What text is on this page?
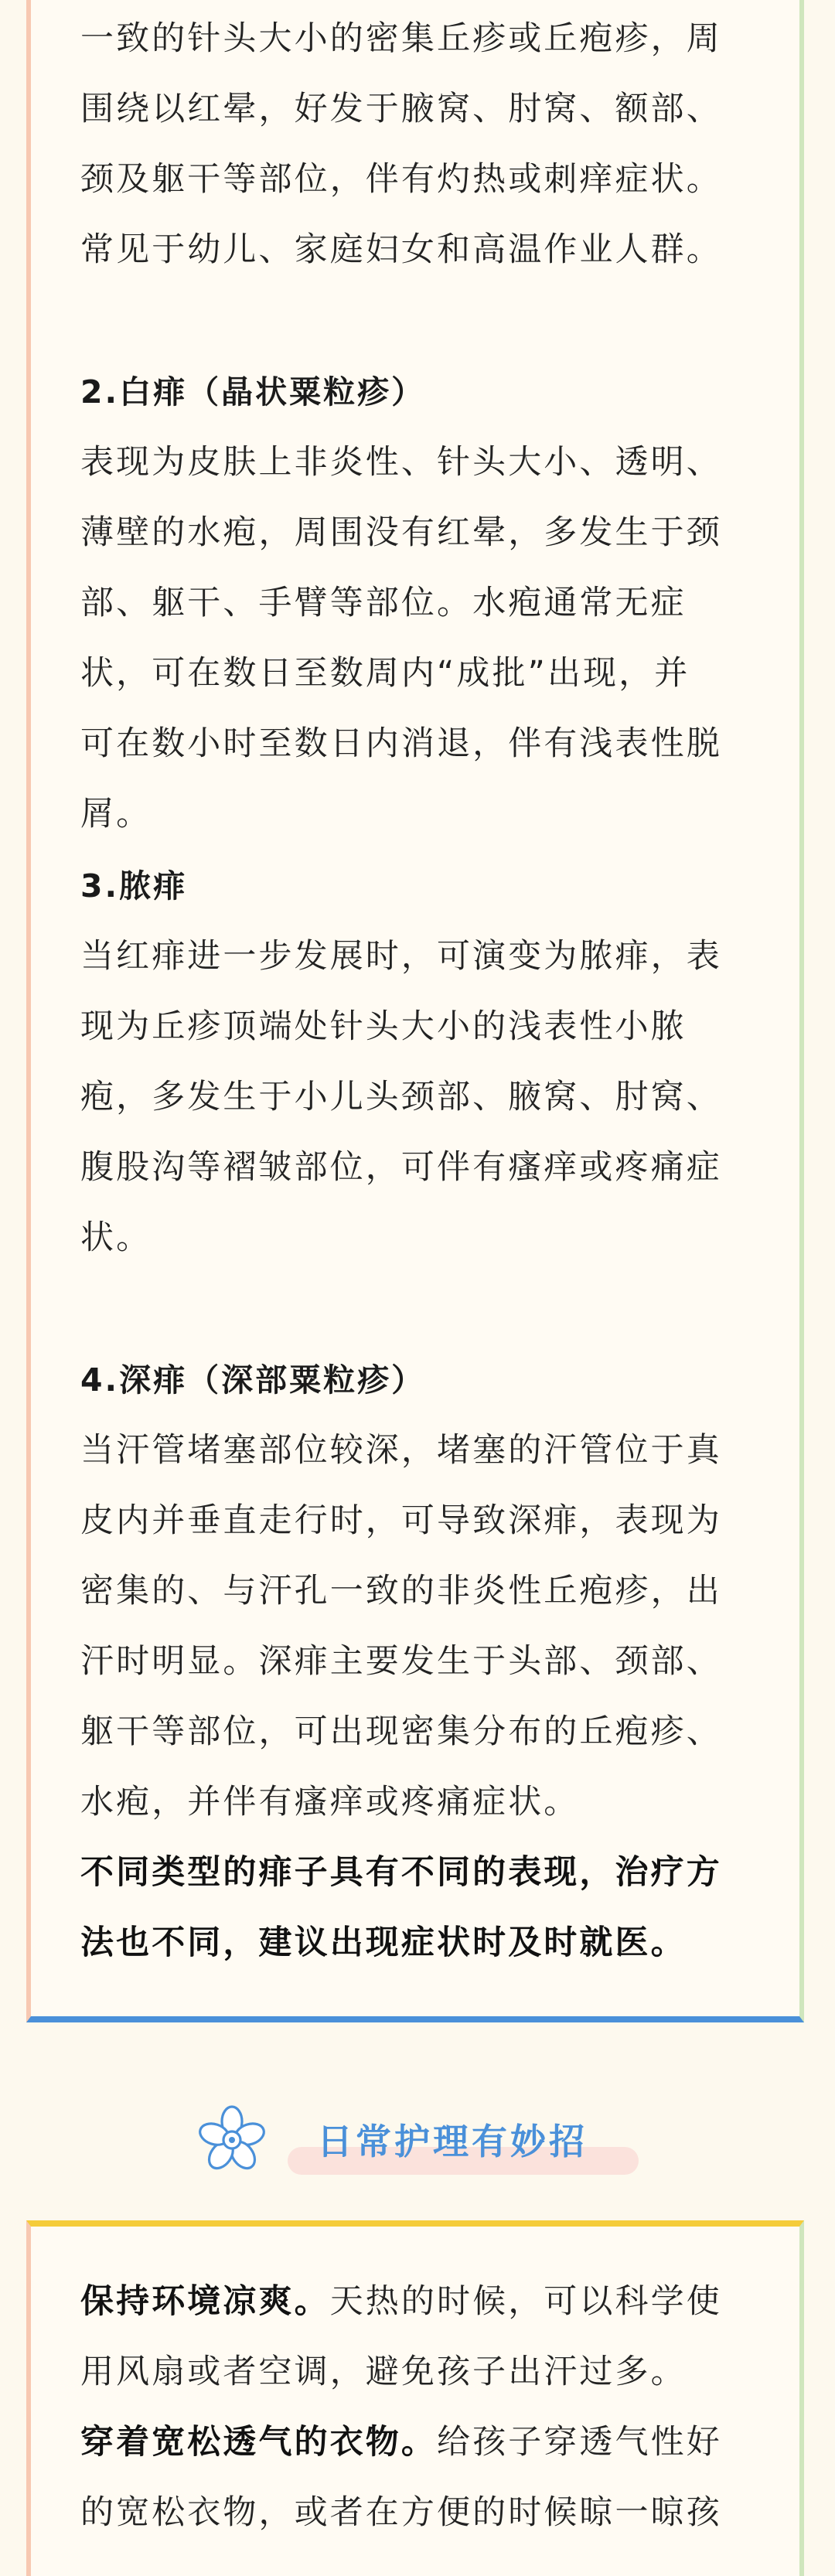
一致的针头大小的密集丘疹或丘疱疹，周
围绕以红晕，好发于腋窝、肘窝、额部、
颈及躯干等部位，伴有灼热或刺痒症状。
常见于幼儿、家庭妇女和高温作业人群。
2.白痱（晶状粟粒疹）
表现为皮肤上非炎性、针头大小、透明、
薄壁的水疱，周围没有红晕，多发生于颈
部、躯干、手臂等部位。水疱通常无症
状，可在数日至数周内“成批”出现，并
可在数小时至数日内消退，伴有浅表性脱
屑。
3.脓痱
当红痱进一步发展时，可演变为脓痱，表
现为丘疹顶端处针头大小的浅表性小脓
疱，多发生于小儿头颈部、腋窝、肘窝、
腹股沟等褶皱部位，可伴有瘙痒或疼痛症
状。
4.深痱（深部粟粒疹）
当汗管堵塞部位较深，堵塞的汗管位于真
皮内并垂直走行时，可导致深痱，表现为
密集的、与汗孔一致的非炎性丘疱疹，出
汗时明显。深痱主要发生于头部、颈部、
躯干等部位，可出现密集分布的丘疱疹、
水疱，并伴有瘙痒或疼痛症状。
不同类型的痱子具有不同的表现，治疗方
法也不同，建议出现症状时及时就医。
日常护理有妙招
保持环境凉爽。天热的时候，可以科学使
用风扇或者空调，避免孩子出汗过多。
穿着宽松透气的衣物。给孩子穿透气性好
的宽松衣物，或者在方便的时候晾一晾孩
